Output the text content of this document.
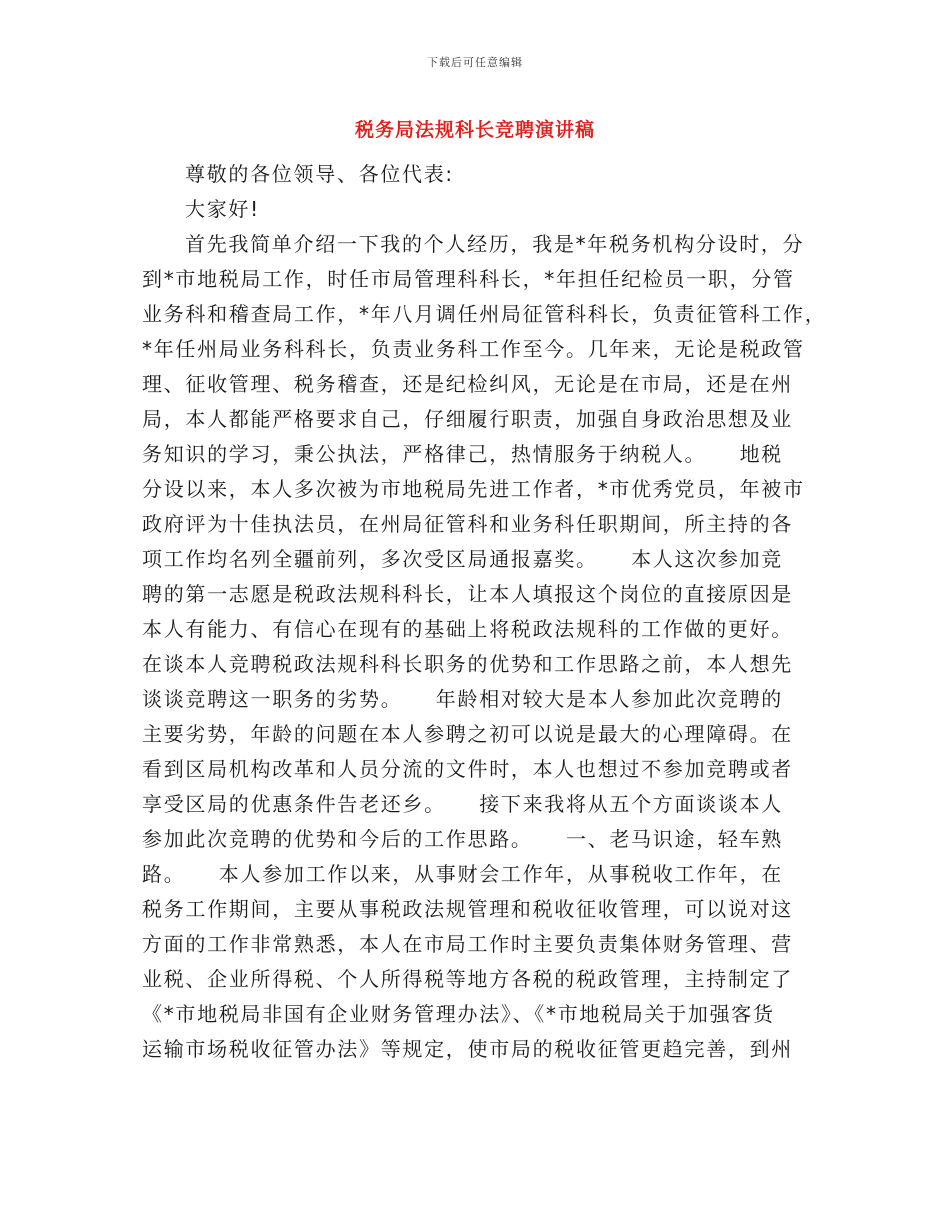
下载后可任意编辑
税务局法规科长竞聘演讲稿
尊敬的各位领导、各位代表:
大家好!
首先我简单介绍一下我的个人经历，我是*年税务机构分设时，分
到*市地税局工作，时任市局管理科科长，*年担任纪检员一职，分管
业务科和稽查局工作，*年八月调任州局征管科科长，负责征管科工作，
*年任州局业务科科长，负责业务科工作至今。几年来，无论是税政管
理、征收管理、税务稽查，还是纪检纠风，无论是在市局，还是在州
局，本人都能严格要求自己，仔细履行职责，加强自身政治思想及业
务知识的学习，秉公执法，严格律己，热情服务于纳税人。　　地税
分设以来，本人多次被为市地税局先进工作者，*市优秀党员，年被市
政府评为十佳执法员，在州局征管科和业务科任职期间，所主持的各
项工作均名列全疆前列，多次受区局通报嘉奖。　　本人这次参加竞
聘的第一志愿是税政法规科科长，让本人填报这个岗位的直接原因是
本人有能力、有信心在现有的基础上将税政法规科的工作做的更好。
在谈本人竞聘税政法规科科长职务的优势和工作思路之前，本人想先
谈谈竞聘这一职务的劣势。　　年龄相对较大是本人参加此次竞聘的
主要劣势，年龄的问题在本人参聘之初可以说是最大的心理障碍。在
看到区局机构改革和人员分流的文件时，本人也想过不参加竞聘或者
享受区局的优惠条件告老还乡。　　接下来我将从五个方面谈谈本人
参加此次竞聘的优势和今后的工作思路。　　一、老马识途，轻车熟
路。　　本人参加工作以来，从事财会工作年，从事税收工作年，在
税务工作期间，主要从事税政法规管理和税收征收管理，可以说对这
方面的工作非常熟悉，本人在市局工作时主要负责集体财务管理、营
业税、企业所得税、个人所得税等地方各税的税政管理，主持制定了
《*市地税局非国有企业财务管理办法》、《*市地税局关于加强客货
运输市场税收征管办法》等规定，使市局的税收征管更趋完善，到州
